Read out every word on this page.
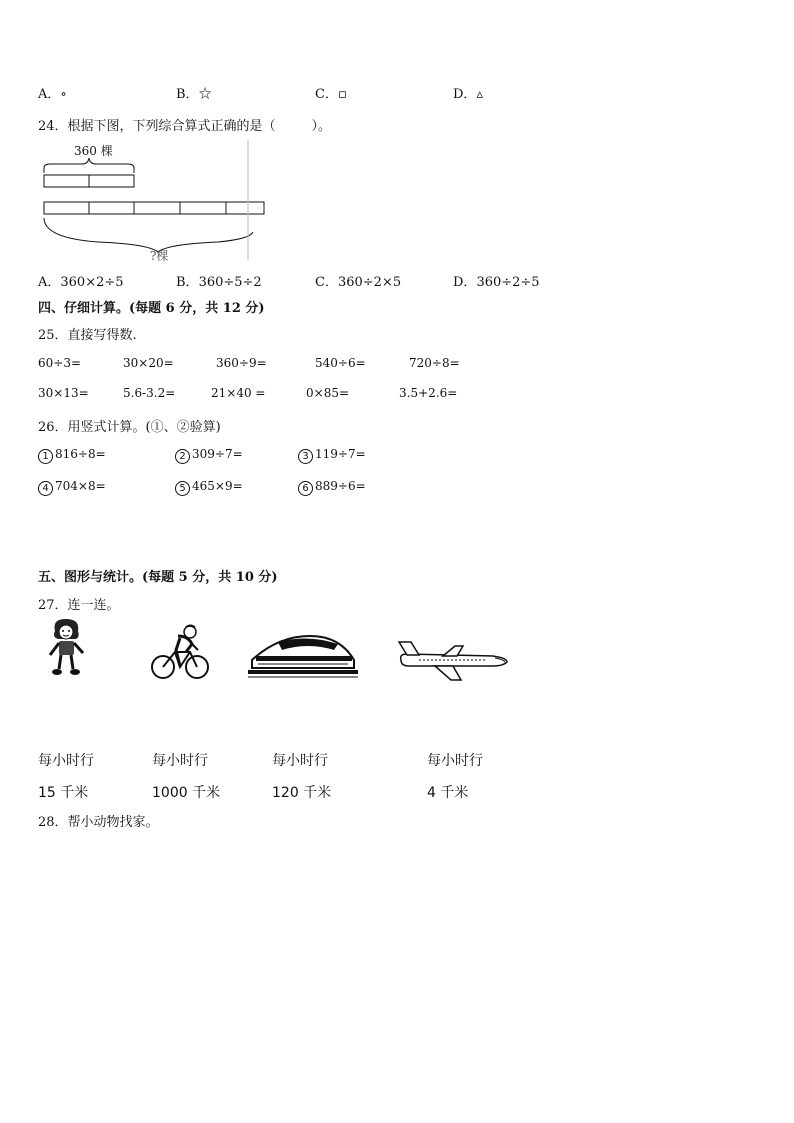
A．∘	B．☆	C．▫	D．▵
24．根据下图，下列综合算式正确的是（	）。
360 棵
?棵
A．360×2÷5	B．360÷5÷2	C．360÷2×5	D．360÷2÷5
四、仔细计算。(每题 6 分，共 12 分)
25．直接写得数.
60÷3=	30×20=	360÷9=	540÷6=	720÷8=
30×13=	5.6-3.2=	21×40 =	0×85=	3.5+2.6=
26．用竖式计算。(①、②验算)
1 816÷8=	2 309÷7=	3 119÷7=
4 704×8=	5 465×9=	6 889÷6=
五、图形与统计。(每题 5 分，共 10 分)
27．连一连。
每小时行	每小时行	每小时行	每小时行
15 千米	1000 千米	120 千米	4 千米
28．帮小动物找家。
